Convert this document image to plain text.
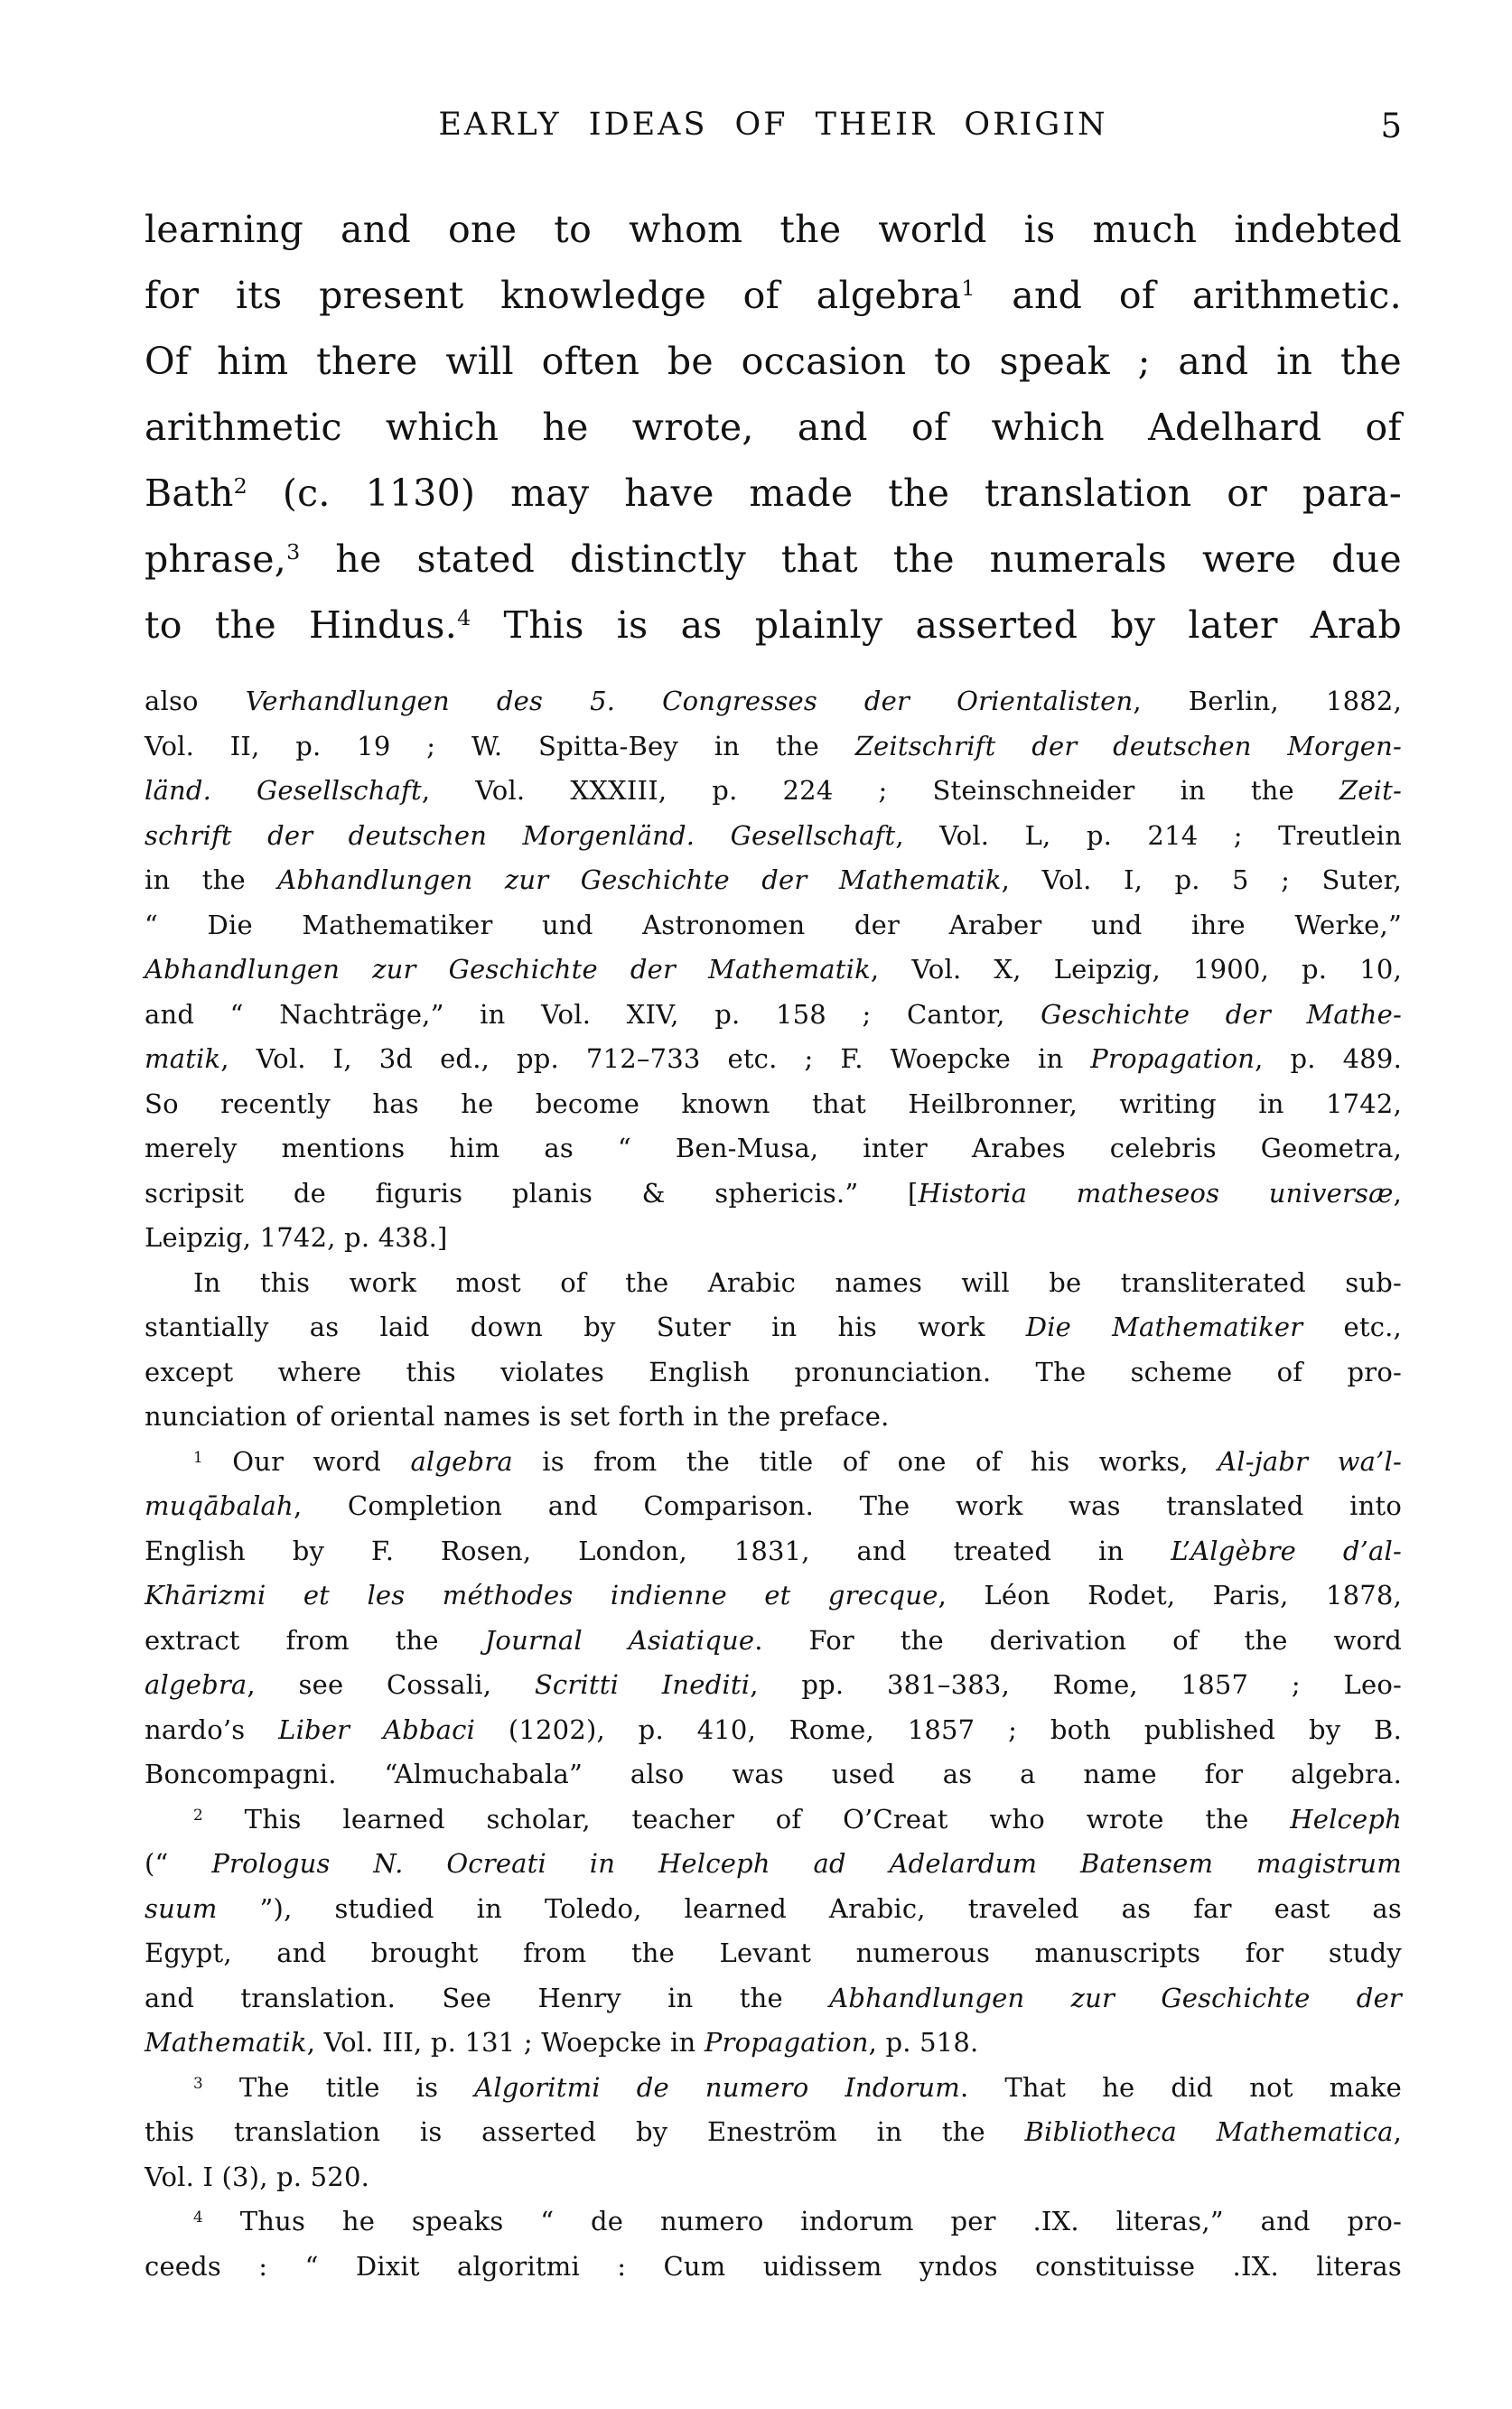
EARLY IDEAS OF THEIR ORIGIN	5
learning and one to whom the world is much indebted
for its present knowledge of algebra$^1$ and of arithmetic.
Of him there will often be occasion to speak ; and in the
arithmetic which he wrote, and of which Adelhard of
Bath$^2$ (c. 1130) may have made the translation or para-
phrase,$^3$ he stated distinctly that the numerals were due
to the Hindus.$^4$ This is as plainly asserted by later Arab
also Verhandlungen des 5. Congresses der Orientalisten, Berlin, 1882,
Vol. II, p. 19 ; W. Spitta-Bey in the Zeitschrift der deutschen Morgen-
länd. Gesellschaft, Vol. XXXIII, p. 224 ; Steinschneider in the Zeit-
schrift der deutschen Morgenländ. Gesellschaft, Vol. L, p. 214 ; Treutlein
in the Abhandlungen zur Geschichte der Mathematik, Vol. I, p. 5 ; Suter,
“ Die Mathematiker und Astronomen der Araber und ihre Werke,”
Abhandlungen zur Geschichte der Mathematik, Vol. X, Leipzig, 1900, p. 10,
and “ Nachträge,” in Vol. XIV, p. 158 ; Cantor, Geschichte der Mathe-
matik, Vol. I, 3d ed., pp. 712–733 etc. ; F. Woepcke in Propagation, p. 489.
So recently has he become known that Heilbronner, writing in 1742,
merely mentions him as “ Ben-Musa, inter Arabes celebris Geometra,
scripsit de figuris planis & sphericis.” [Historia matheseos universæ,
Leipzig, 1742, p. 438.]
In this work most of the Arabic names will be transliterated sub-
stantially as laid down by Suter in his work Die Mathematiker etc.,
except where this violates English pronunciation. The scheme of pro-
nunciation of oriental names is set forth in the preface.
$^1$ Our word algebra is from the title of one of his works, Al-jabr wa’l-
muqābalah, Completion and Comparison. The work was translated into
English by F. Rosen, London, 1831, and treated in L’Algèbre d’al-
Khārizmi et les méthodes indienne et grecque, Léon Rodet, Paris, 1878,
extract from the Journal Asiatique. For the derivation of the word
algebra, see Cossali, Scritti Inediti, pp. 381–383, Rome, 1857 ; Leo-
nardo’s Liber Abbaci (1202), p. 410, Rome, 1857 ; both published by B.
Boncompagni. “Almuchabala” also was used as a name for algebra.
$^2$ This learned scholar, teacher of O’Creat who wrote the Helceph
(“ Prologus N. Ocreati in Helceph ad Adelardum Batensem magistrum
suum ”), studied in Toledo, learned Arabic, traveled as far east as
Egypt, and brought from the Levant numerous manuscripts for study
and translation. See Henry in the Abhandlungen zur Geschichte der
Mathematik, Vol. III, p. 131 ; Woepcke in Propagation, p. 518.
$^3$ The title is Algoritmi de numero Indorum. That he did not make
this translation is asserted by Eneström in the Bibliotheca Mathematica,
Vol. I (3), p. 520.
$^4$ Thus he speaks “ de numero indorum per .IX. literas,” and pro-
ceeds : “ Dixit algoritmi : Cum uidissem yndos constituisse .IX. literas
